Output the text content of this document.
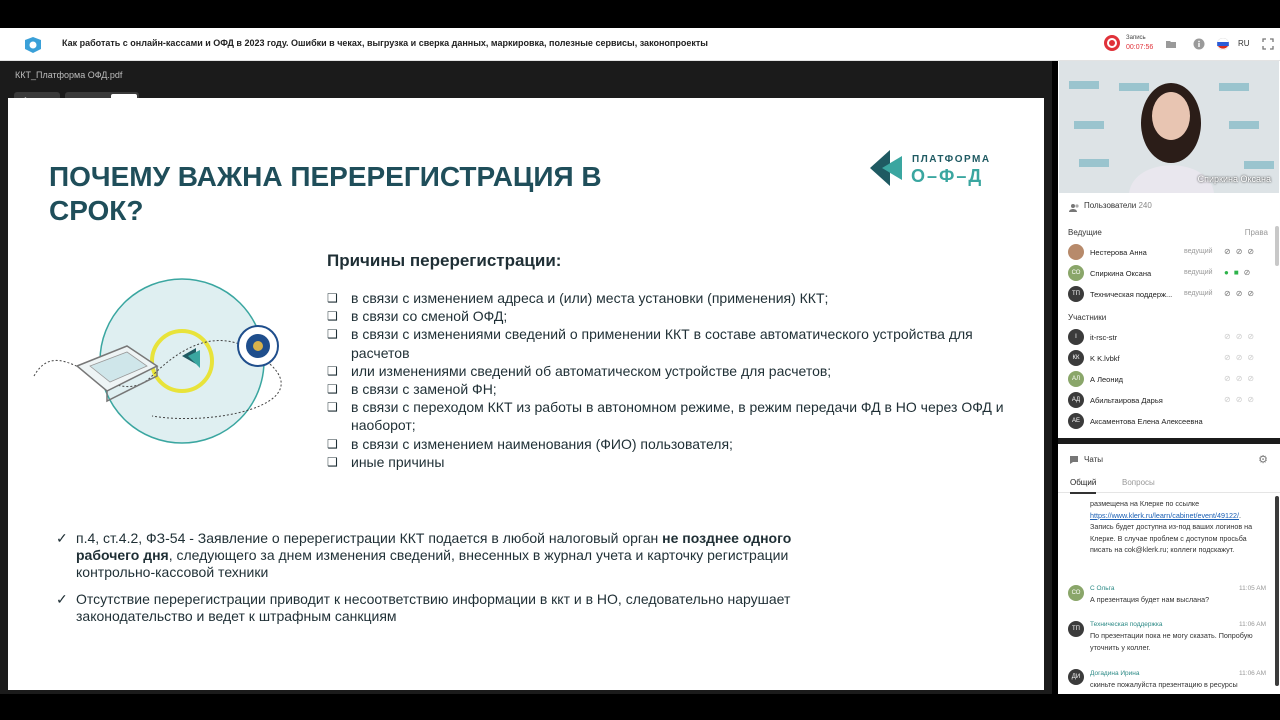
Как работать с онлайн-кассами и ОФД в 2023 году. Ошибки в чеках, выгрузка и сверка данных, маркировка, полезные сервисы, законопроекты	Запись
00:07:56	RU
ККТ_Платформа ОФД.pdf
ПОЧЕМУ ВАЖНА ПЕРЕРЕГИСТРАЦИЯ В СРОК?
ПЛАТФОРМА
О–Ф–Д
Причины перерегистрации:
❑ в связи с изменением адреса и (или) места установки (применения) ККТ;
❑ в связи со сменой ОФД;
❑ в связи с изменениями сведений о применении ККТ в составе автоматического устройства для расчетов
❑ или изменениями сведений об автоматическом устройстве для расчетов;
❑ в связи с заменой ФН;
❑ в связи с переходом ККТ из работы в автономном режиме, в режим передачи ФД в НО через ОФД и наоборот;
❑ в связи с изменением наименования (ФИО) пользователя;
❑ иные причины
✓ п.4, ст.4.2, ФЗ-54 - Заявление о перерегистрации ККТ подается в любой налоговый орган не позднее одного рабочего дня, следующего за днем изменения сведений, внесенных в журнал учета и карточку регистрации контрольно-кассовой техники
✓ Отсутствие перерегистрации приводит к несоответствию информации в ккт и в НО, следовательно нарушает законодательство и ведет к штрафным санкциям
Спиркина Оксана
Пользователи 240
Ведущие	Права
Нестерова Анна	ведущий ⊘⊘⊘
СО	Спиркина Оксана	ведущий ●■⊘
ТП	Техническая поддерж...	ведущий ⊘⊘⊘
Участники
I	it-rsc-str	⊘⊘⊘
КК	K K.lvbkf	⊘⊘⊘
АЛ	А Леонид	⊘⊘⊘
АД	Абильтаирова Дарья	⊘⊘⊘
АЕ	Аксаментова Елена Алексеевна
Чаты	⚙
Общий	Вопросы
размещена на Клерке по ссылке
https://www.klerk.ru/learn/cabinet/event/49122/. Запись будет доступна из-под ваших логинов на Клерке. В случае проблем с доступом просьба писать на cok@klerk.ru; коллеги подскажут.
СО
С Ольга	11:05 AM
А презентация будет нам выслана?
ТП
Техническая поддержка	11:06 AM
По презентации пока не могу сказать. Попробую уточнить у коллег.
ДИ	Догадина Ирина	11:06 AM
скиньте пожалуйста презентацию в ресурсы
